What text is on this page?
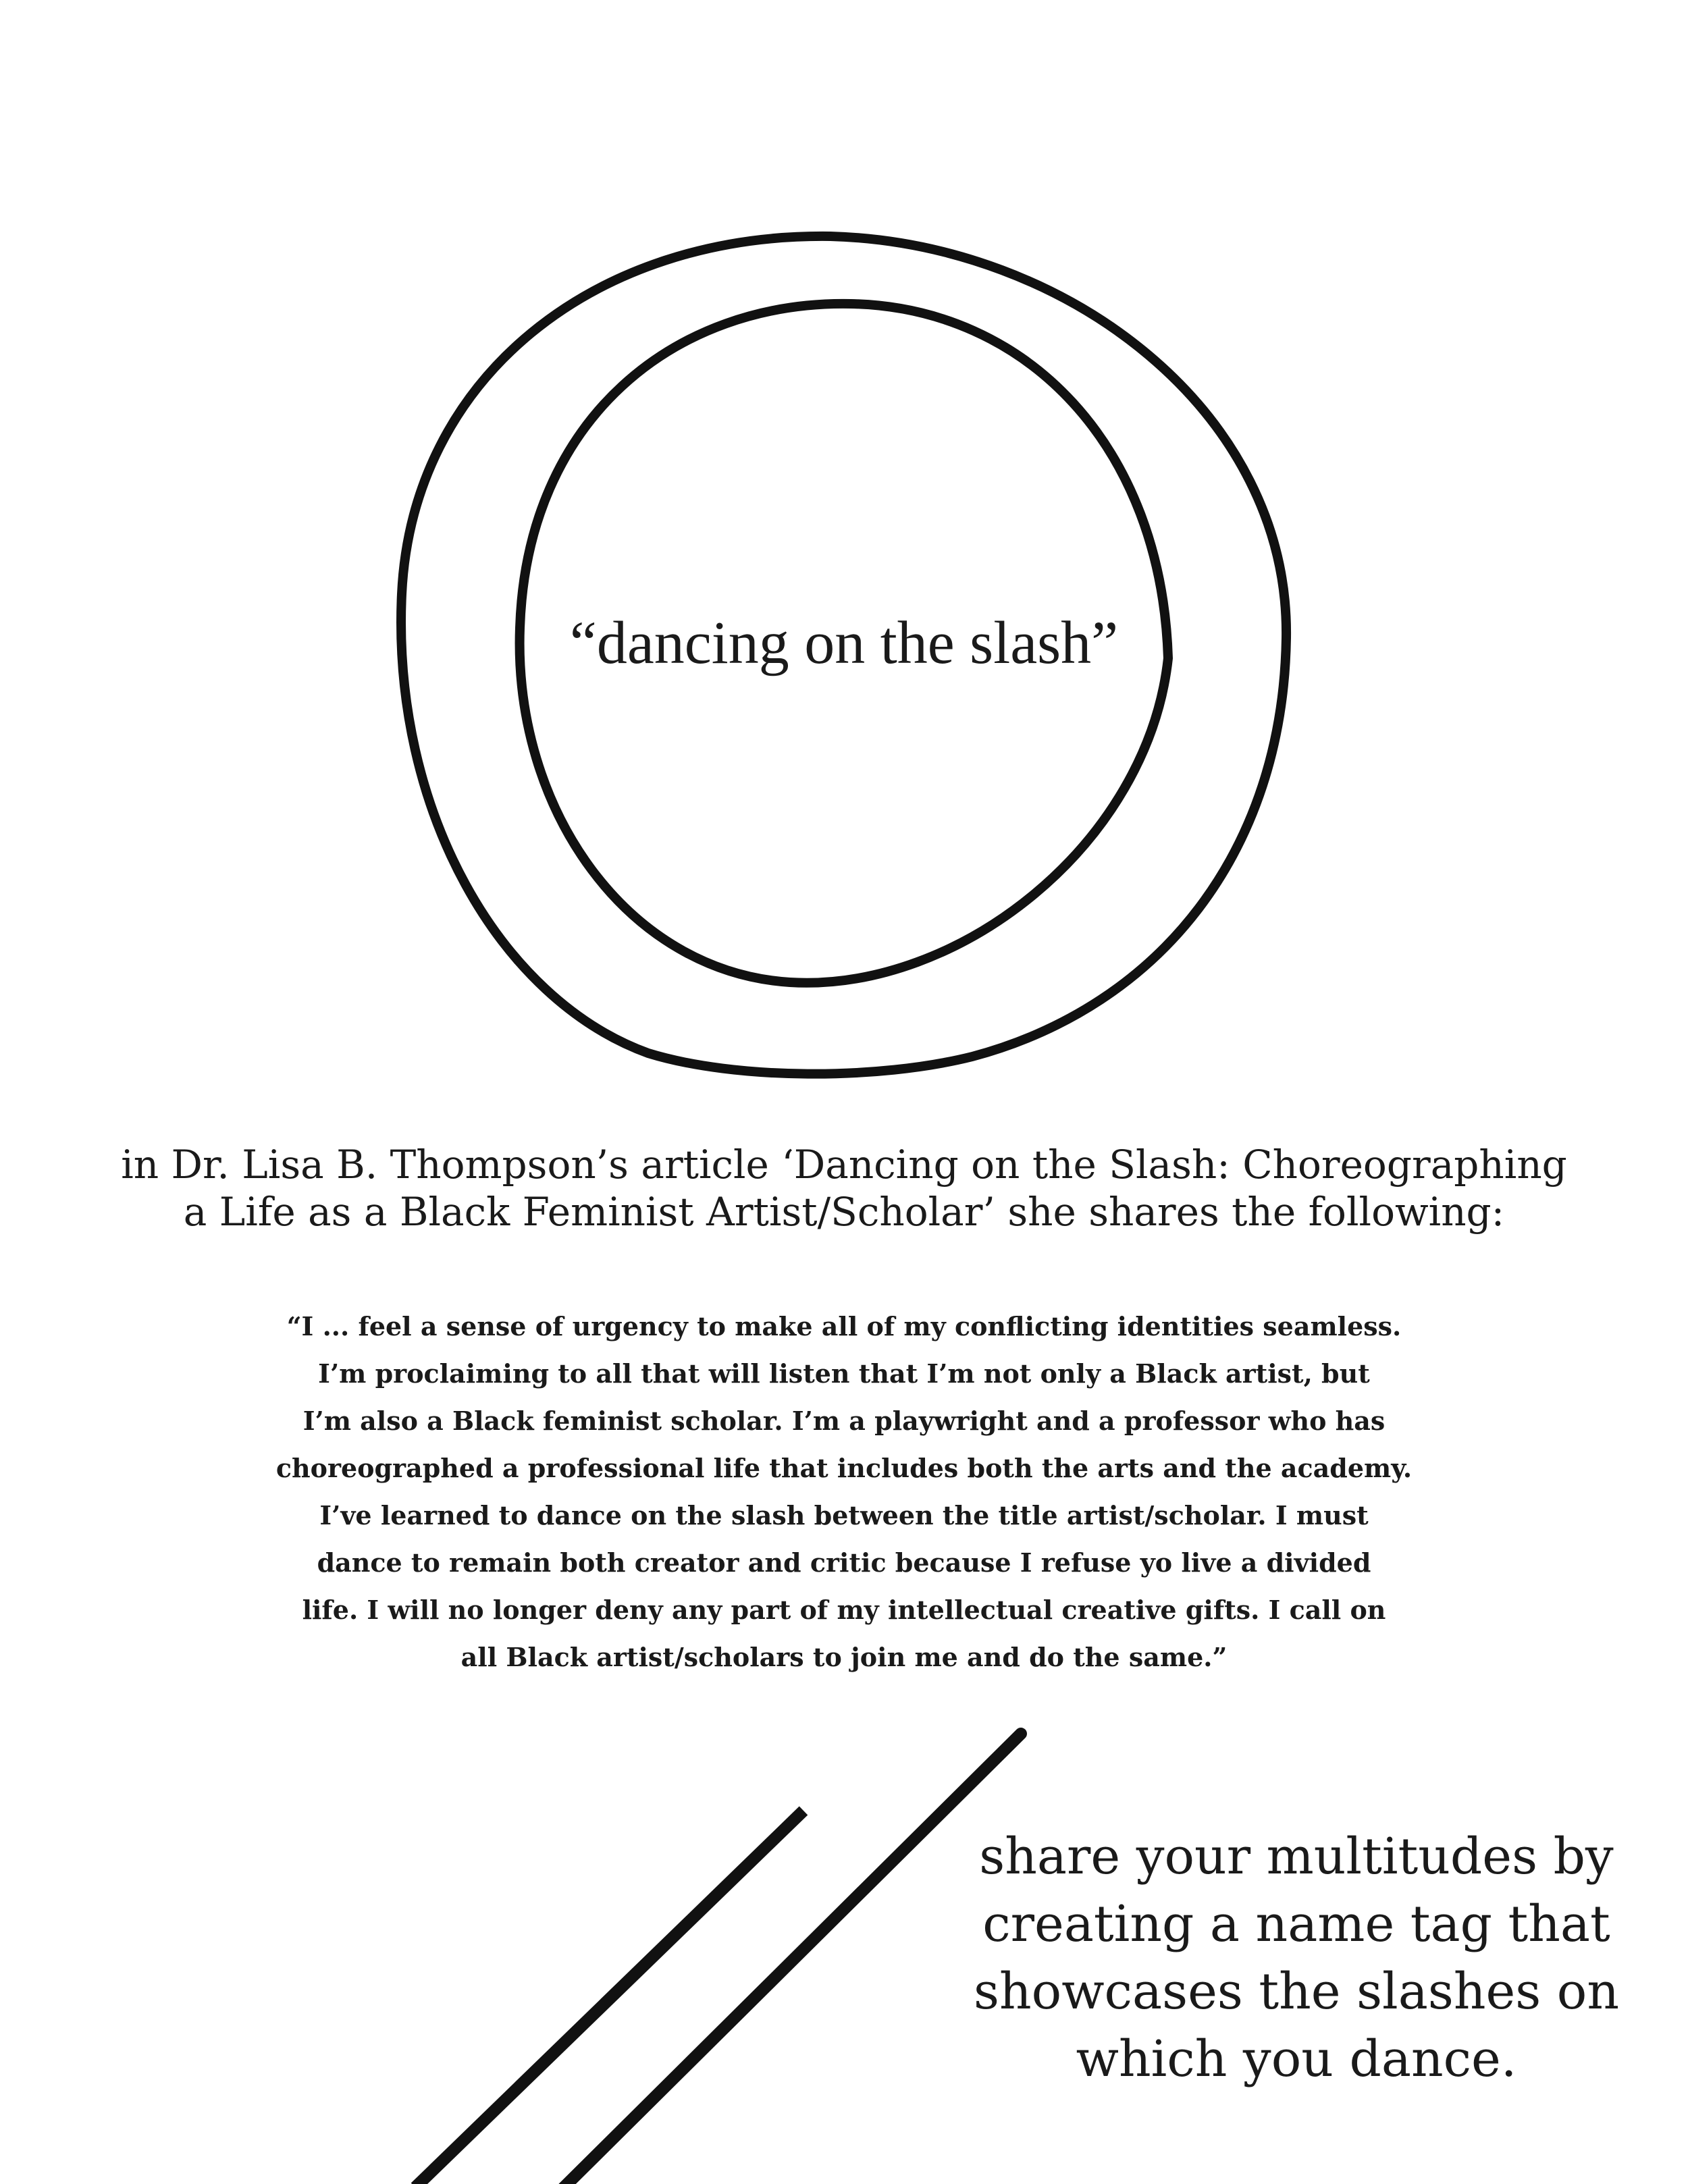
“dancing on the slash”

in Dr. Lisa B. Thompson’s article ‘Dancing on the Slash: Choreographing
a Life as a Black Feminist Artist/Scholar’ she shares the following:

“I ... feel a sense of urgency to make all of my conflicting identities seamless.
I’m proclaiming to all that will listen that I’m not only a Black artist, but
I’m also a Black feminist scholar. I’m a playwright and a professor who has
choreographed a professional life that includes both the arts and the academy.
I’ve learned to dance on the slash between the title artist/scholar. I must
dance to remain both creator and critic because I refuse yo live a divided
life. I will no longer deny any part of my intellectual creative gifts. I call on
all Black artist/scholars to join me and do the same.”

share your multitudes by
creating a name tag that
showcases the slashes on
which you dance.
